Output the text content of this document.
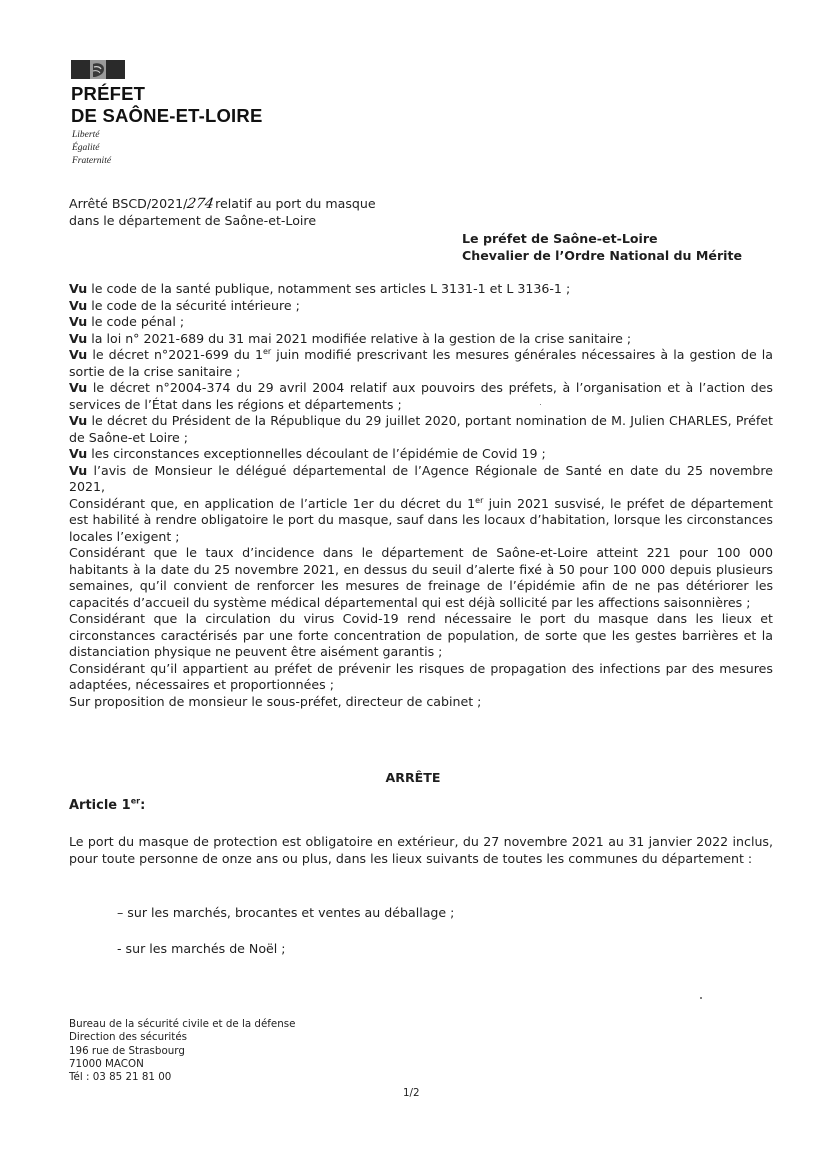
PRÉFET
DE SAÔNE-ET-LOIRE
Liberté
Égalité
Fraternité
Arrêté BSCD/2021/274relatif au port du masque
dans le département de Saône-et-Loire
Le préfet de Saône-et-Loire
Chevalier de l’Ordre National du Mérite

Vu le code de la santé publique, notamment ses articles L 3131-1 et L 3136-1 ;

Vu le code de la sécurité intérieure ;

Vu le code pénal ;

Vu la loi n° 2021-689 du 31 mai 2021 modifiée relative à la gestion de la crise sanitaire ;

Vu le décret n°2021-699 du 1er juin modifié prescrivant les mesures générales nécessaires à la gestion de la sortie de la crise sanitaire ;

Vu le décret n°2004-374 du 29 avril 2004 relatif aux pouvoirs des préfets, à l’organisation et à l’action des services de l’État dans les régions et départements ;

Vu le décret du Président de la République du 29 juillet 2020, portant nomination de M. Julien CHARLES, Préfet de Saône-et Loire ;

Vu les circonstances exceptionnelles découlant de l’épidémie de Covid 19 ;

Vu l’avis de Monsieur le délégué départemental de l’Agence Régionale de Santé en date du 25 novembre 2021,

Considérant que, en application de l’article 1er du décret du 1er juin 2021 susvisé, le préfet de département est habilité à rendre obligatoire le port du masque, sauf dans les locaux d’habitation, lorsque les circonstances locales l’exigent ;

Considérant que le taux d’incidence dans le département de Saône-et-Loire atteint 221 pour 100 000 habitants à la date du 25 novembre 2021, en dessus du seuil d’alerte fixé à 50 pour 100 000 depuis plusieurs semaines, qu’il convient de renforcer les mesures de freinage de l’épidémie afin de ne pas détériorer les capacités d’accueil du système médical départemental qui est déjà sollicité par les affections saisonnières ;

Considérant que la circulation du virus Covid-19 rend nécessaire le port du masque dans les lieux et circonstances caractérisés par une forte concentration de population, de sorte que les gestes barrières et la distanciation physique ne peuvent être aisément garantis ;

Considérant qu’il appartient au préfet de prévenir les risques de propagation des infections par des mesures adaptées, nécessaires et proportionnées ;

Sur proposition de monsieur le sous-préfet, directeur de cabinet ;

ARRÊTE
Article 1er:

Le port du masque de protection est obligatoire en extérieur, du 27 novembre 2021 au 31 janvier 2022 inclus, pour toute personne de onze ans ou plus, dans les lieux suivants de toutes les communes du département :

– sur les marchés, brocantes et ventes au déballage ;
- sur les marchés de Noël ;
Bureau de la sécurité civile et de la défense
Direction des sécurités
196 rue de Strasbourg
71000 MACON
Tél : 03 85 21 81 00
1/2
